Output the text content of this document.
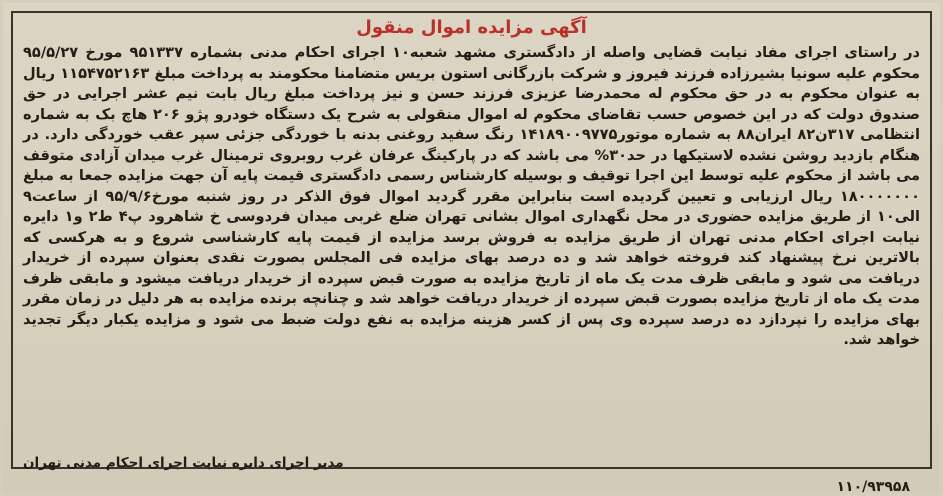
آگهی مزایده اموال منقول
در راستای اجرای مفاد نیابت قضایی واصله از دادگستری مشهد شعبه۱۰ اجرای احکام مدنی بشماره ۹۵۱۳۳۷ مورخ ۹۵/۵/۲۷ محکوم علیه سونیا بشیرزاده فرزند فیروز و شرکت بازرگانی استون بریس متضامنا محکومند به پرداخت مبلغ ۱۱۵۴۷۵۲۱۶۳ ریال به عنوان محکوم به در حق محکوم له محمدرضا عزیزی فرزند حسن و نیز پرداخت مبلغ ریال بابت نیم عشر اجرایی در حق صندوق دولت که در این خصوص حسب تقاضای محکوم له اموال منقولی به شرح یک دستگاه خودرو پژو ۲۰۶ هاچ بک به شماره انتظامی ۳۱۷ن۸۲ ایران۸۸ به شماره موتور۱۴۱۸۹۰۰۹۷۷۵ رنگ سفید روغنی بدنه با خوردگی جزئی سپر عقب خوردگی دارد. در هنگام بازدید روشن نشده لاستیکها در حد۳۰% می باشد که در پارکینگ عرفان غرب روبروی ترمینال غرب میدان آزادی متوقف می باشد از محکوم علیه توسط این اجرا توقیف و بوسیله کارشناس رسمی دادگستری قیمت پایه آن جهت مزایده جمعا به مبلغ ۱۸۰۰۰۰۰۰۰ ریال ارزیابی و تعیین گردیده است بنابراین مقرر گردید اموال فوق الذکر در روز شنبه مورخ۹۵/۹/۶ از ساعت۹ الی۱۰ از طریق مزایده حضوری در محل نگهداری اموال بشانی تهران ضلع غربی میدان فردوسی خ شاهرود پ۴ ط۲ و۱ دایره نیابت اجرای احکام مدنی تهران از طریق مزایده به فروش برسد مزایده از قیمت پایه کارشناسی شروع و به هرکسی که بالاترین نرخ پیشنهاد کند فروخته خواهد شد و ده درصد بهای مزایده فی المجلس بصورت نقدی بعنوان سپرده از خریدار دریافت می شود و مابقی ظرف مدت یک ماه از تاریخ مزایده به صورت قبض سپرده از خریدار دریافت میشود و مابقی ظرف مدت یک ماه از تاریخ مزایده بصورت قبض سپرده از خریدار دریافت خواهد شد و چنانچه برنده مزایده به هر دلیل در زمان مقرر بهای مزایده را نپردازد ده درصد سپرده وی پس از کسر هزینه مزایده به نفع دولت ضبط می شود و مزایده یکبار دیگر تجدید خواهد شد.
مدیر اجرای دایره نیابت اجرای احکام مدنی تهران
۱۱۰/۹۳۹۵۸
